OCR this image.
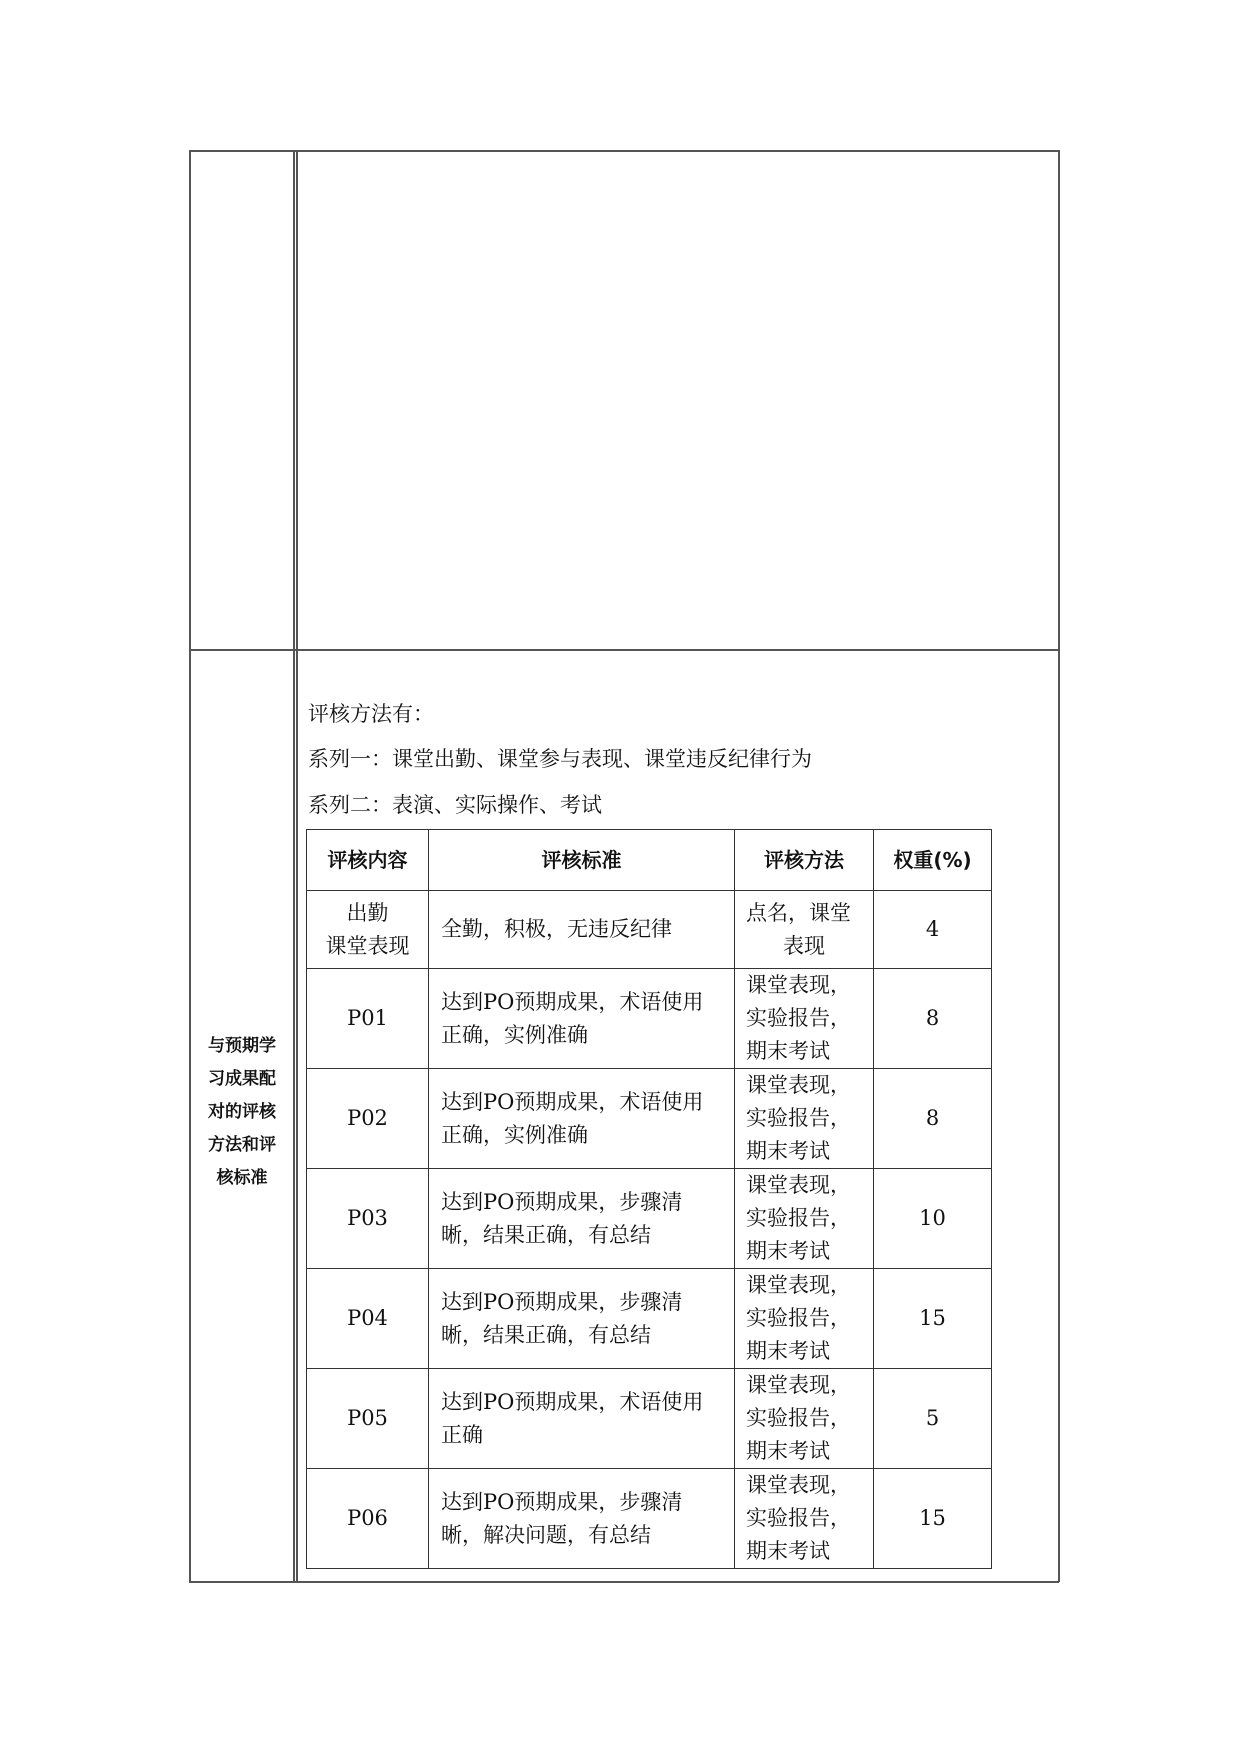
与预期学
习成果配
对的评核
方法和评
核标准
评核方法有：
系列一：课堂出勤、课堂参与表现、课堂违反纪律行为
系列二：表演、实际操作、考试
评核内容	评核标准	评核方法	权重(%)

出勤
课堂表现	全勤，积极，无违反纪律	点名，课堂
表现	4

P01	达到PO预期成果，术语使用
正确，实例准确	课堂表现，
实验报告，
期末考试	8

P02	达到PO预期成果，术语使用
正确，实例准确	课堂表现，
实验报告，
期末考试	8

P03	达到PO预期成果，步骤清
晰，结果正确，有总结	课堂表现，
实验报告，
期末考试	10

P04	达到PO预期成果，步骤清
晰，结果正确，有总结	课堂表现，
实验报告，
期末考试	15

P05	达到PO预期成果，术语使用
正确	课堂表现，
实验报告，
期末考试	5

P06	达到PO预期成果，步骤清
晰，解决问题，有总结	课堂表现，
实验报告，
期末考试	15
